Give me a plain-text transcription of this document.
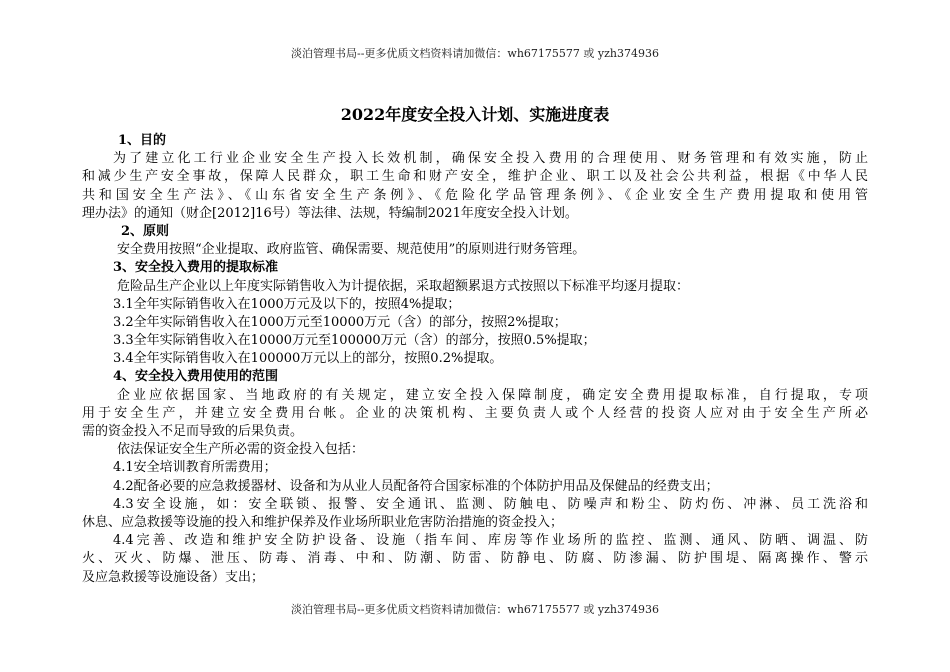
淡泊管理书局--更多优质文档资料请加微信：wh67175577 或 yzh374936
2022年度安全投入计划、实施进度表
1、目的
为了建立化工行业企业安全生产投入长效机制，确保安全投入费用的合理使用、财务管理和有效实施，防止
和减少生产安全事故，保障人民群众，职工生命和财产安全，维护企业、职工以及社会公共利益，根据《中华人民
共和国安全生产法》、《山东省安全生产条例》、《危险化学品管理条例》、《企业安全生产费用提取和使用管
理办法》的通知（财企[2012]16号）等法律、法规，特编制2021年度安全投入计划。
2、原则
安全费用按照“企业提取、政府监管、确保需要、规范使用”的原则进行财务管理。
3、安全投入费用的提取标准
危险品生产企业以上年度实际销售收入为计提依据，采取超额累退方式按照以下标准平均逐月提取：
3.1全年实际销售收入在1000万元及以下的，按照4%提取；
3.2全年实际销售收入在1000万元至10000万元（含）的部分，按照2%提取；
3.3全年实际销售收入在10000万元至100000万元（含）的部分，按照0.5%提取；
3.4全年实际销售收入在100000万元以上的部分，按照0.2%提取。
4、安全投入费用使用的范围
企业应依据国家、当地政府的有关规定，建立安全投入保障制度，确定安全费用提取标准，自行提取，专项
用于安全生产，并建立安全费用台帐。企业的决策机构、主要负责人或个人经营的投资人应对由于安全生产所必
需的资金投入不足而导致的后果负责。
依法保证安全生产所必需的资金投入包括：
4.1安全培训教育所需费用；
4.2配备必要的应急救援器材、设备和为从业人员配备符合国家标准的个体防护用品及保健品的经费支出；
4.3安全设施，如：安全联锁、报警、安全通讯、监测、防触电、防噪声和粉尘、防灼伤、冲淋、员工洗浴和
休息、应急救援等设施的投入和维护保养及作业场所职业危害防治措施的资金投入；
4.4完善、改造和维护安全防护设备、设施（指车间、库房等作业场所的监控、监测、通风、防晒、调温、防
火、灭火、防爆、泄压、防毒、消毒、中和、防潮、防雷、防静电、防腐、防渗漏、防护围堤、隔离操作、警示
及应急救援等设施设备）支出；
淡泊管理书局--更多优质文档资料请加微信：wh67175577 或 yzh374936
